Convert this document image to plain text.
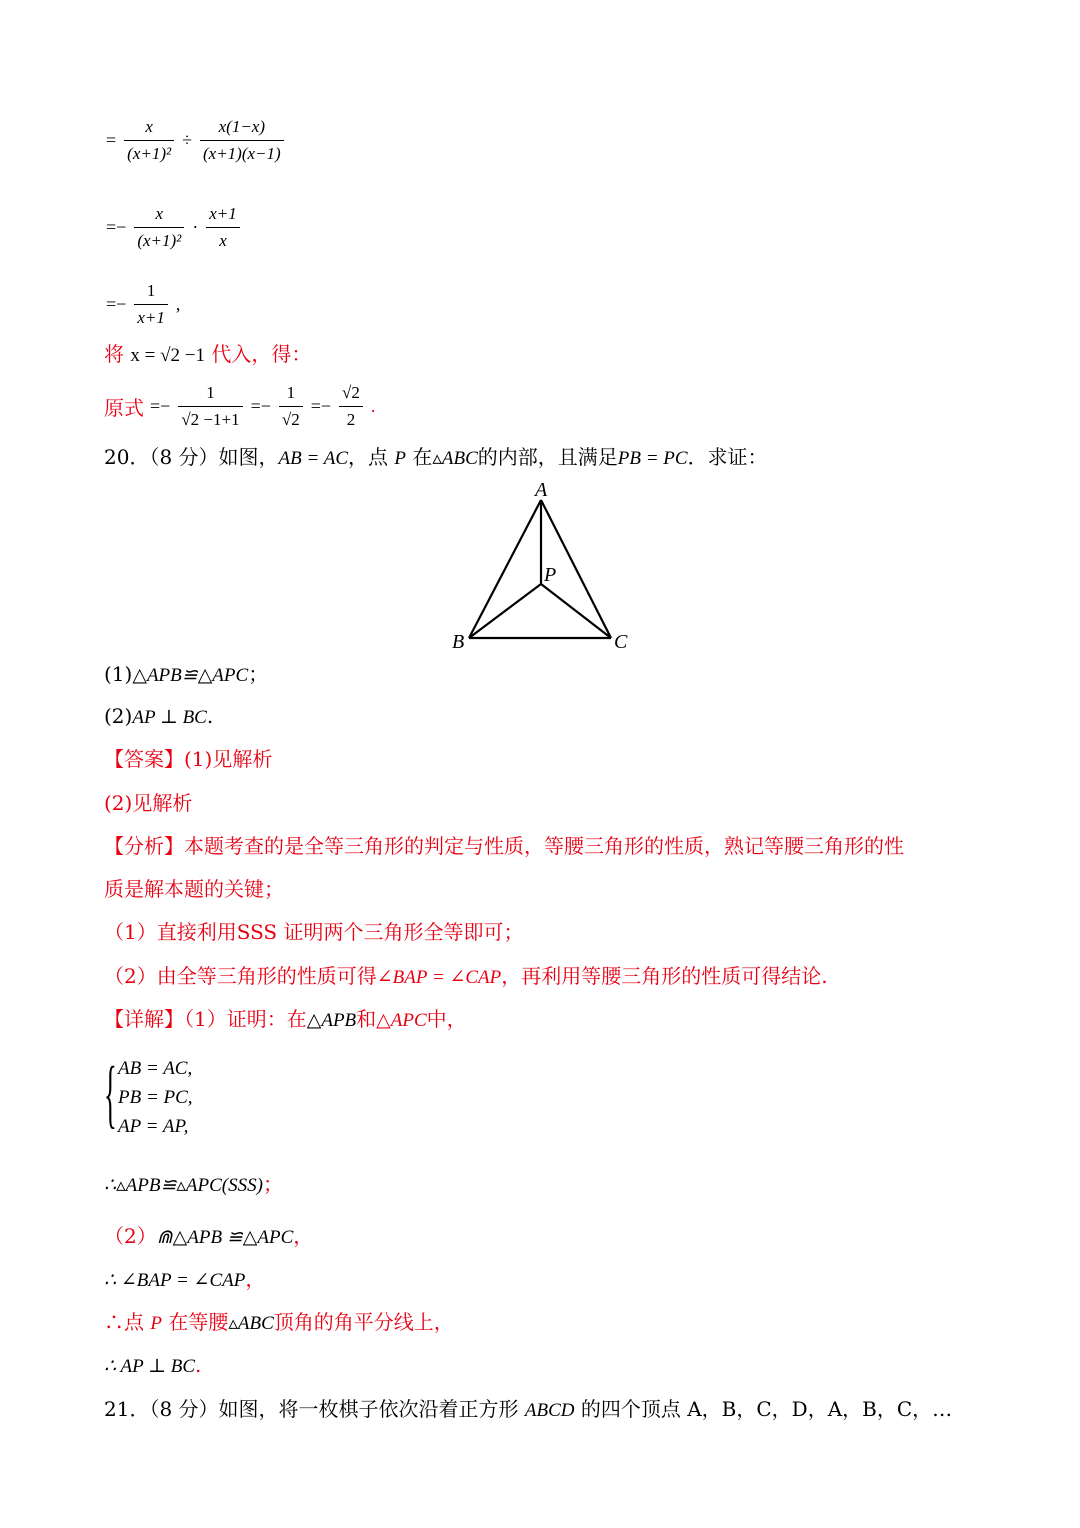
= $\frac{x}{\text{(x+1)²}} \div \frac{x(1-x)}{(x+1)(x-1)}$
=− $\frac{x}{\text{(x+1)²}} \cdot \frac{x+1}{x}$
=− $\frac{1}{x+1}$ ,
将 x = √2 −1 代入，得：
原式 =− $\frac{1}{√2 -1+1} =- \frac{1}{√2} =- \frac{√2}{2}$ .
20．（8 分）如图，AB = AC，点 P 在▵ABC的内部，且满足PB = PC．求证：
A
B	C
P
(1)△APB≌△APC；
(2)AP ⊥ BC.
【答案】(1)见解析
(2)见解析
【分析】本题考查的是全等三角形的判定与性质，等腰三角形的性质，熟记等腰三角形的性
质是解本题的关键；
（1）直接利用SSS 证明两个三角形全等即可；
（2）由全等三角形的性质可得∠BAP = ∠CAP，再利用等腰三角形的性质可得结论.
【详解】（1）证明：在△APB和△APC中，
{ AB = AC,
PB = PC,
AP = AP,
∴▵APB≌▵APC(SSS)；
（2）⋒△APB ≌△APC，
∴ ∠BAP = ∠CAP，
∴点 P 在等腰▵ABC顶角的角平分线上，
∴ AP ⊥ BC.
21．（8 分）如图，将一枚棋子依次沿着正方形 ABCD 的四个顶点 A，B，C，D，A，B，C，…
